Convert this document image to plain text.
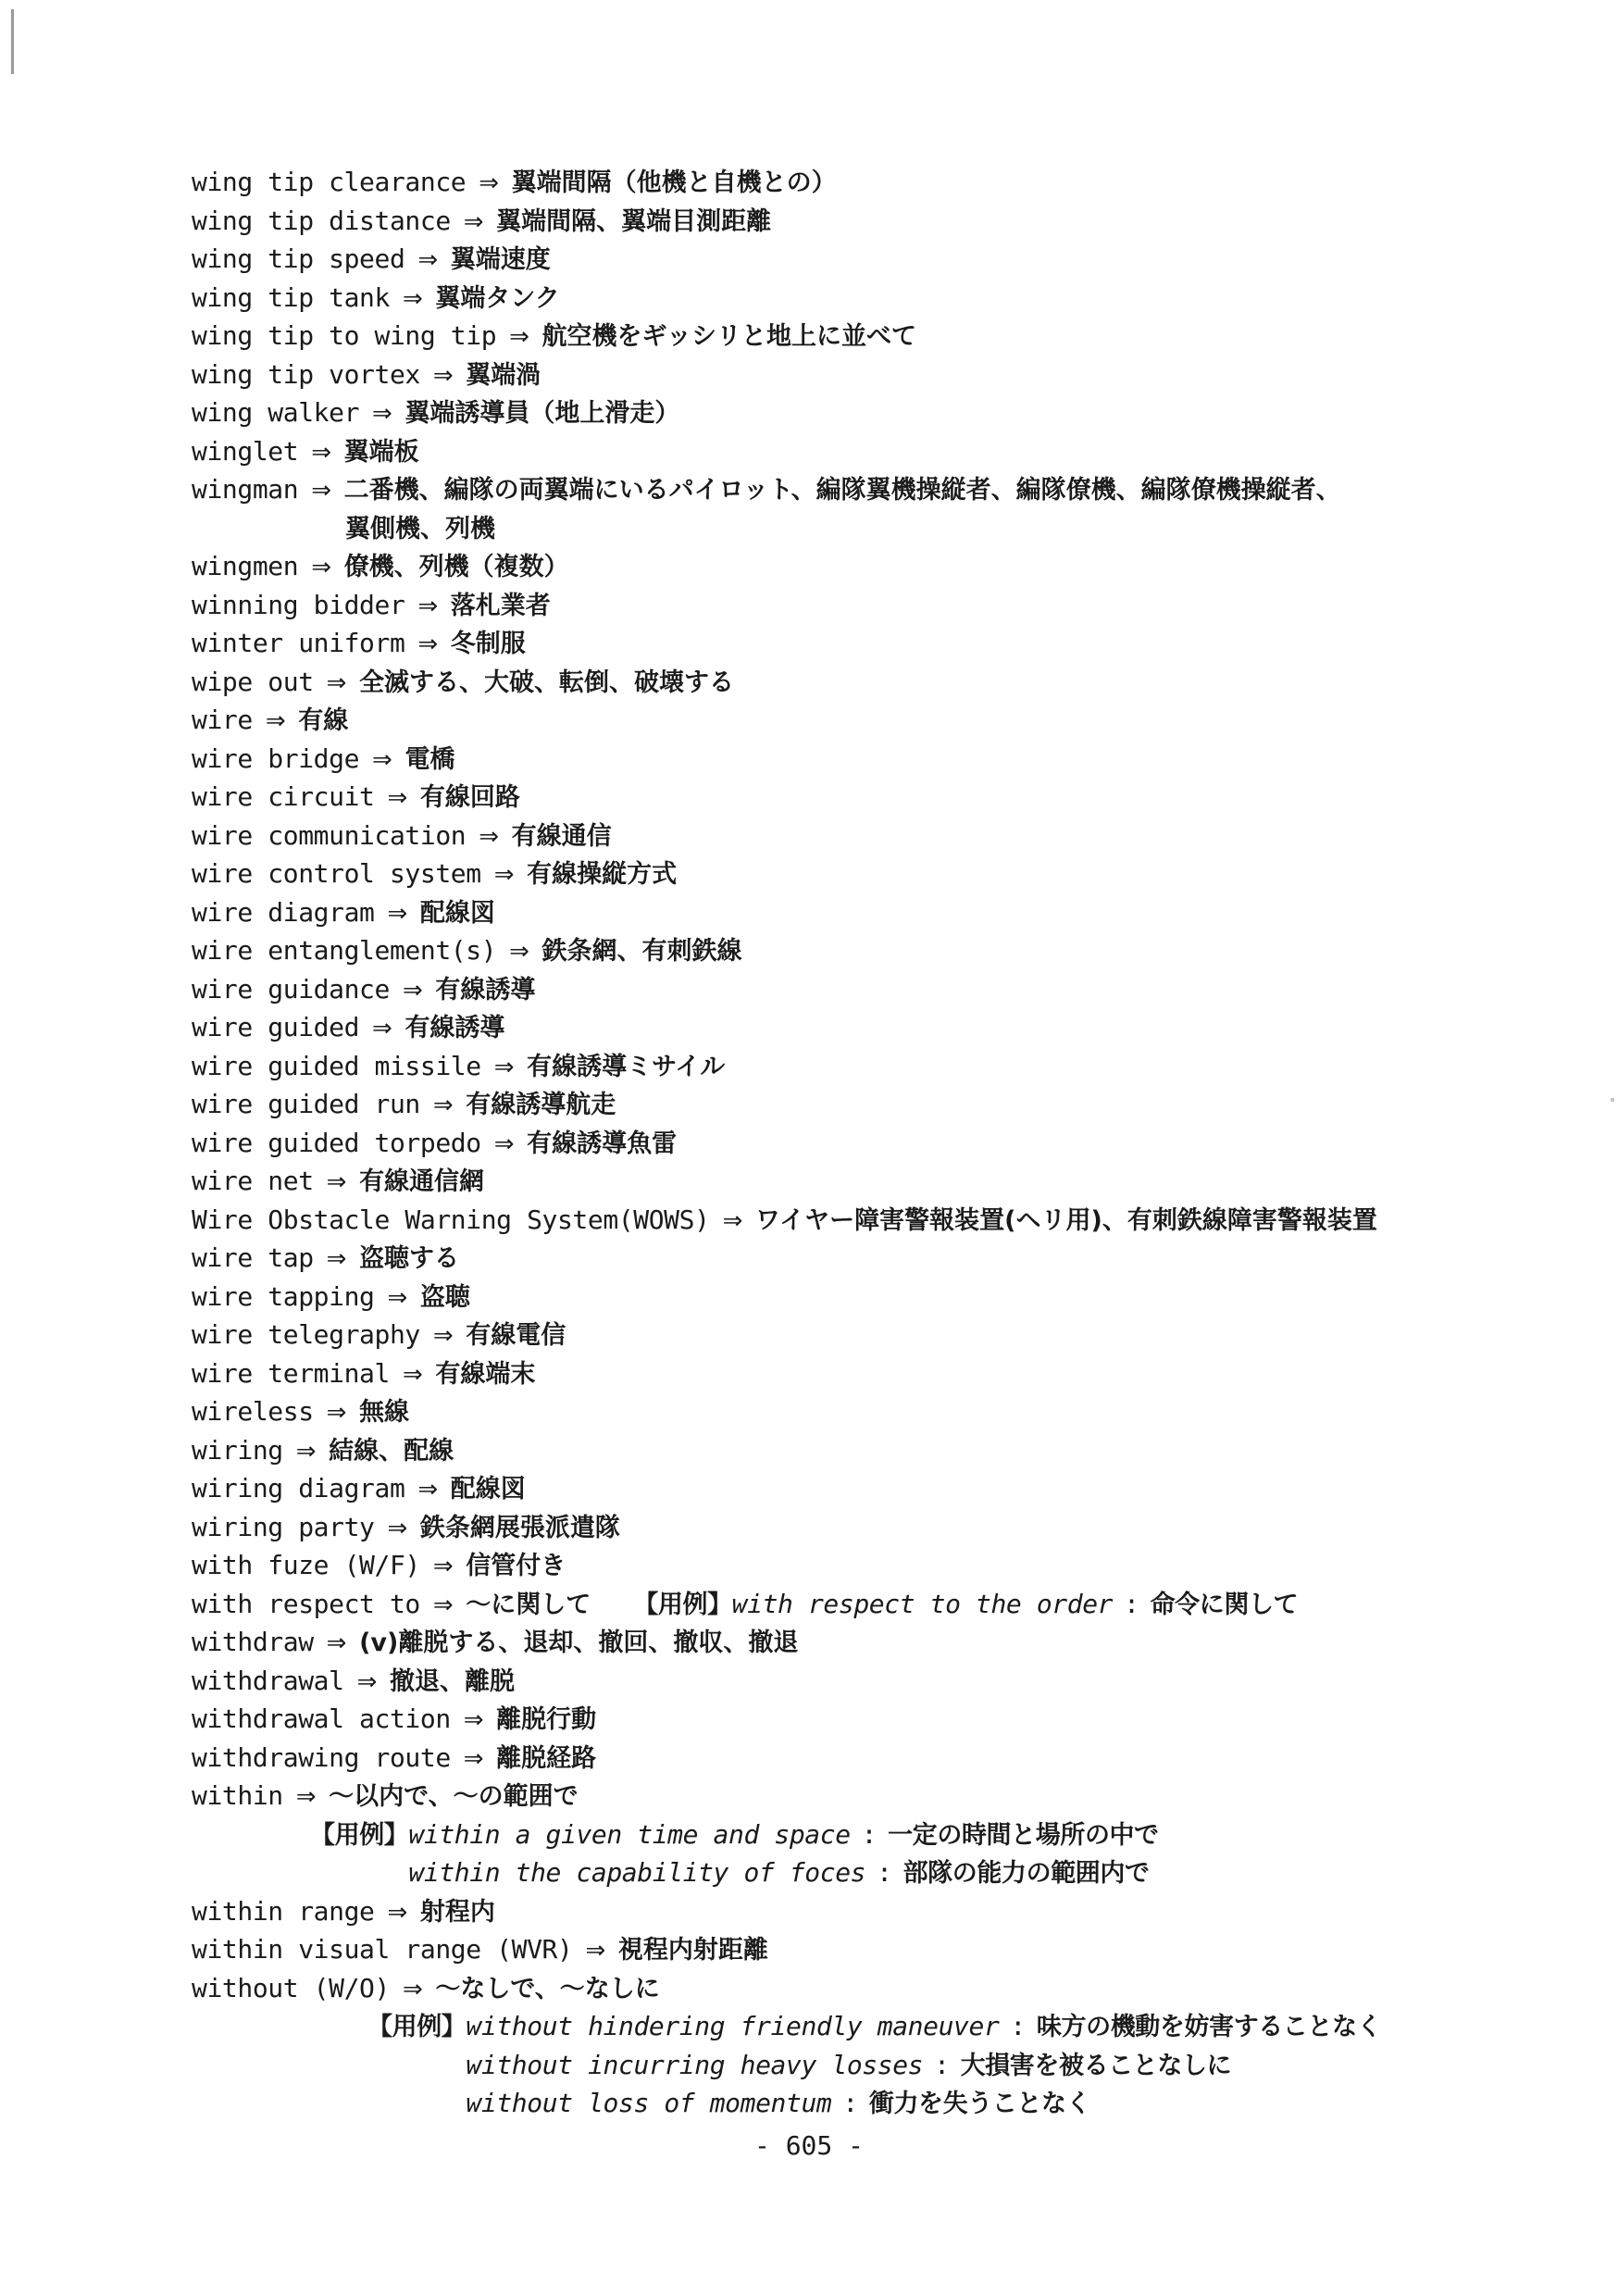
wing tip clearance ⇒ 翼端間隔（他機と自機との）
wing tip distance ⇒ 翼端間隔、翼端目測距離
wing tip speed ⇒ 翼端速度
wing tip tank ⇒ 翼端タンク
wing tip to wing tip ⇒ 航空機をギッシリと地上に並べて
wing tip vortex ⇒ 翼端渦
wing walker ⇒ 翼端誘導員（地上滑走）
winglet ⇒ 翼端板
wingman ⇒ 二番機、編隊の両翼端にいるパイロット、編隊翼機操縦者、編隊僚機、編隊僚機操縦者、
翼側機、列機
wingmen ⇒ 僚機、列機（複数）
winning bidder ⇒ 落札業者
winter uniform ⇒ 冬制服
wipe out ⇒ 全滅する、大破、転倒、破壊する
wire ⇒ 有線
wire bridge ⇒ 電橋
wire circuit ⇒ 有線回路
wire communication ⇒ 有線通信
wire control system ⇒ 有線操縦方式
wire diagram ⇒ 配線図
wire entanglement(s) ⇒ 鉄条網、有刺鉄線
wire guidance ⇒ 有線誘導
wire guided ⇒ 有線誘導
wire guided missile ⇒ 有線誘導ミサイル
wire guided run ⇒ 有線誘導航走
wire guided torpedo ⇒ 有線誘導魚雷
wire net ⇒ 有線通信網
Wire Obstacle Warning System(WOWS) ⇒ ワイヤー障害警報装置(ヘリ用)、有刺鉄線障害警報装置
wire tap ⇒ 盗聴する
wire tapping ⇒ 盗聴
wire telegraphy ⇒ 有線電信
wire terminal ⇒ 有線端末
wireless ⇒ 無線
wiring ⇒ 結線、配線
wiring diagram ⇒ 配線図
wiring party ⇒ 鉄条網展張派遣隊
with fuze (W/F) ⇒ 信管付き
with respect to ⇒ ～に関して 【用例】with respect to the order : 命令に関して
withdraw ⇒ (v)離脱する、退却、撤回、撤収、撤退
withdrawal ⇒ 撤退、離脱
withdrawal action ⇒ 離脱行動
withdrawing route ⇒ 離脱経路
within ⇒ ～以内で、～の範囲で
【用例】within a given time and space : 一定の時間と場所の中で
within the capability of foces : 部隊の能力の範囲内で
within range ⇒ 射程内
within visual range (WVR) ⇒ 視程内射距離
without (W/O) ⇒ ～なしで、～なしに
【用例】without hindering friendly maneuver : 味方の機動を妨害することなく
without incurring heavy losses : 大損害を被ることなしに
without loss of momentum : 衝力を失うことなく
- 605 -
